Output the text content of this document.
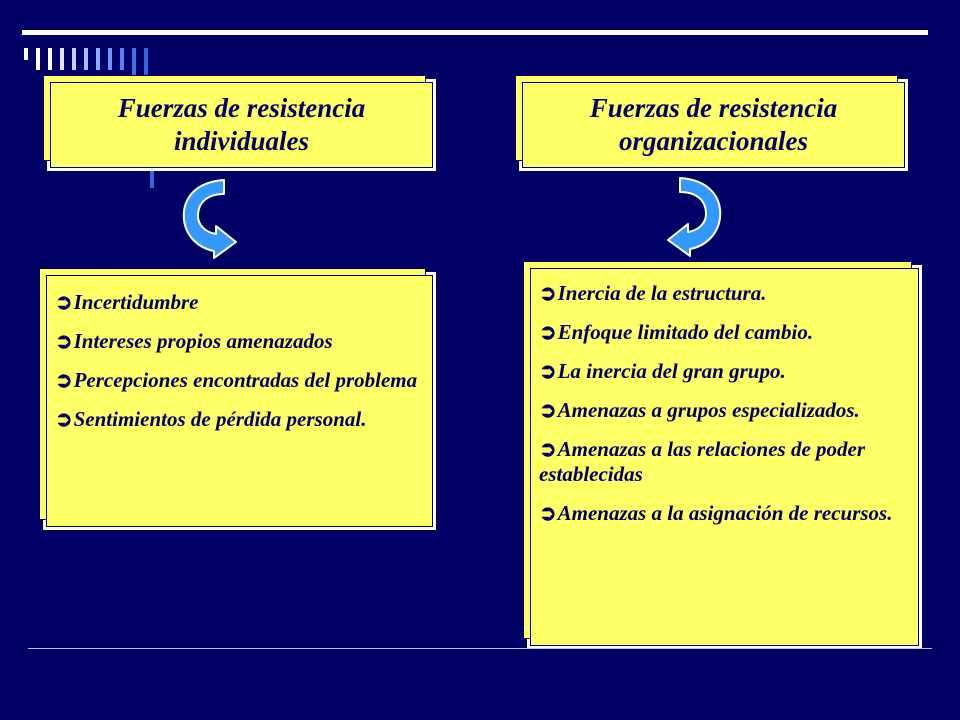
Fuerzas de resistencia individuales
Fuerzas de resistencia organizacionales
➲Incertidumbre
➲Intereses propios amenazados
➲Percepciones encontradas del problema
➲Sentimientos de pérdida personal.
➲Inercia de la estructura.
➲Enfoque limitado del cambio.
➲La inercia del gran grupo.
➲Amenazas a grupos especializados.
➲Amenazas a las relaciones de poder establecidas
➲Amenazas a la asignación de recursos.
